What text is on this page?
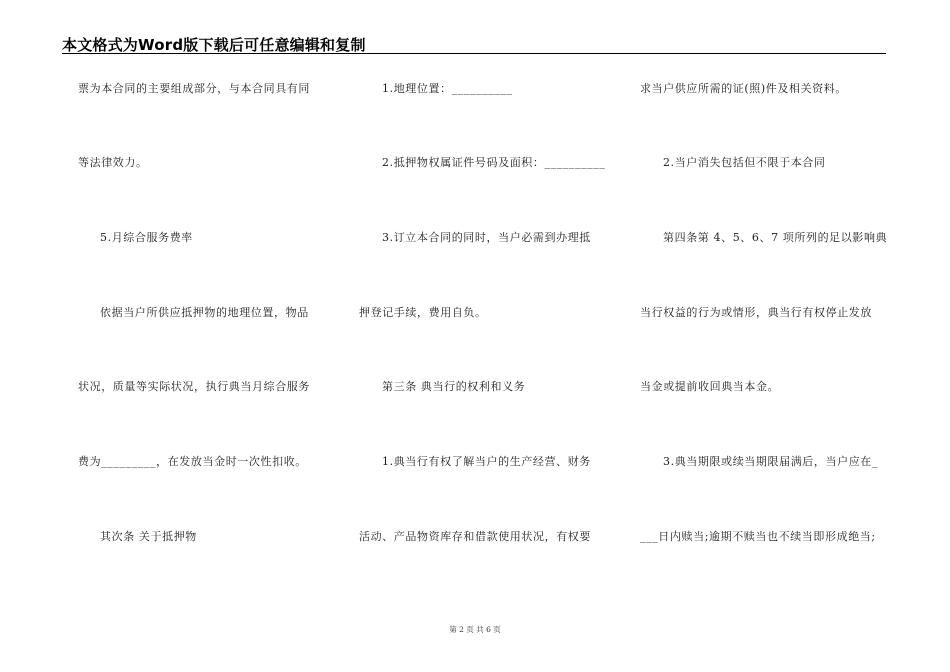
本文格式为Word版下载后可任意编辑和复制
票为本合同的主要组成部分，与本合同具有同
等法律效力。
5.月综合服务费率
依据当户所供应抵押物的地理位置，物品
状况，质量等实际状况，执行典当月综合服务
费为_________，在发放当金时一次性扣收。
其次条 关于抵押物
1.地理位置：__________
2.抵押物权属证件号码及面积：__________
3.订立本合同的同时，当户必需到办理抵
押登记手续，费用自负。
第三条 典当行的权利和义务
1.典当行有权了解当户的生产经营、财务
活动、产品物资库存和借款使用状况，有权要
求当户供应所需的证(照)件及相关资料。
2.当户消失包括但不限于本合同
第四条第 4、5、6、7 项所列的足以影响典
当行权益的行为或情形，典当行有权停止发放
当金或提前收回典当本金。
3.典当期限或续当期限届满后，当户应在_
___日内赎当;逾期不赎当也不续当即形成绝当;
第 2 页 共 6 页
